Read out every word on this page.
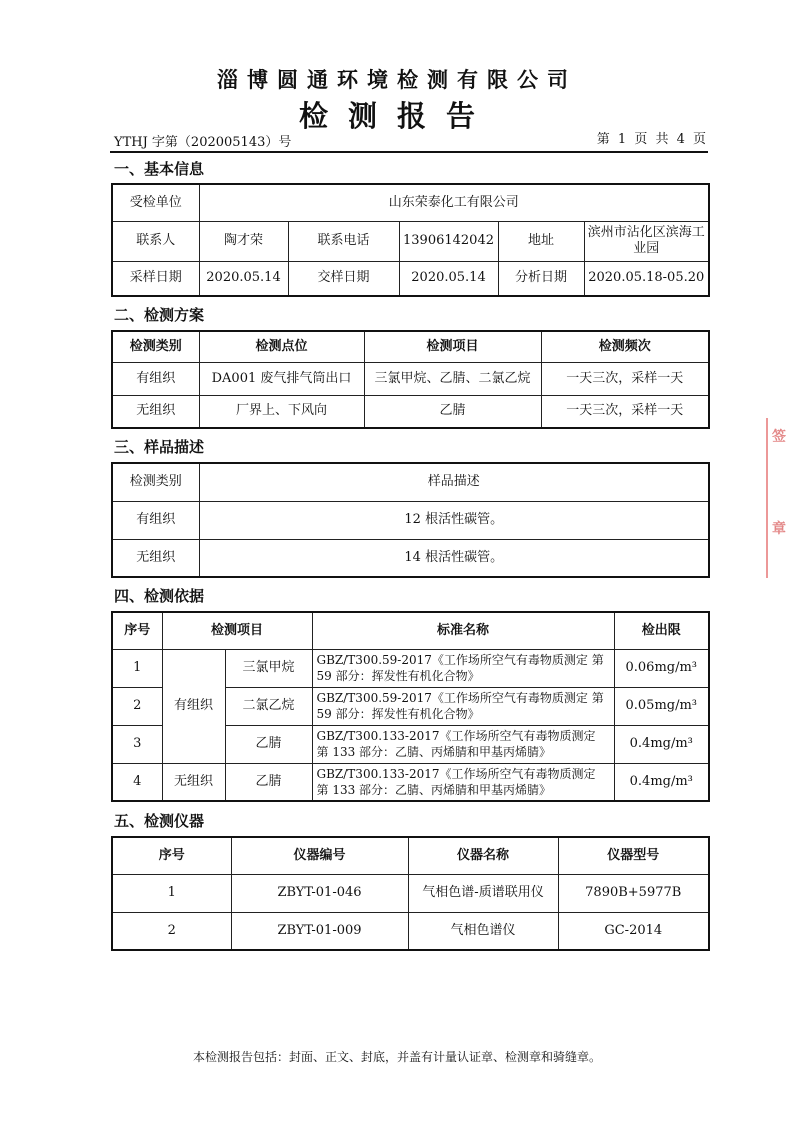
淄博圆通环境检测有限公司
检测报告
YTHJ 字第（202005143）号	第 1 页 共 4 页
签
章
一、基本信息
受检单位	山东荣泰化工有限公司				
联系人	陶才荣	联系电话	13906142042	地址	滨州市沾化区滨海工业园
采样日期	2020.05.14	交样日期	2020.05.14	分析日期	2020.05.18-05.20
二、检测方案
检测类别	检测点位	检测项目	检测频次
有组织	DA001 废气排气筒出口	三氯甲烷、乙腈、二氯乙烷	一天三次，采样一天
无组织	厂界上、下风向	乙腈	一天三次，采样一天
三、样品描述
检测类别	样品描述
有组织	12 根活性碳管。
无组织	14 根活性碳管。
四、检测依据
序号	检测项目		标准名称	检出限
1	有组织	三氯甲烷	GBZ/T300.59-2017《工作场所空气有毒物质测定 第 59 部分：挥发性有机化合物》	0.06mg/m³
2		二氯乙烷	GBZ/T300.59-2017《工作场所空气有毒物质测定 第 59 部分：挥发性有机化合物》	0.05mg/m³
3		乙腈	GBZ/T300.133-2017《工作场所空气有毒物质测定 第 133 部分：乙腈、丙烯腈和甲基丙烯腈》	0.4mg/m³
4	无组织	乙腈	GBZ/T300.133-2017《工作场所空气有毒物质测定 第 133 部分：乙腈、丙烯腈和甲基丙烯腈》	0.4mg/m³
五、检测仪器
序号	仪器编号	仪器名称	仪器型号
1	ZBYT-01-046	气相色谱-质谱联用仪	7890B+5977B
2	ZBYT-01-009	气相色谱仪	GC-2014
本检测报告包括：封面、正文、封底，并盖有计量认证章、检测章和骑缝章。
